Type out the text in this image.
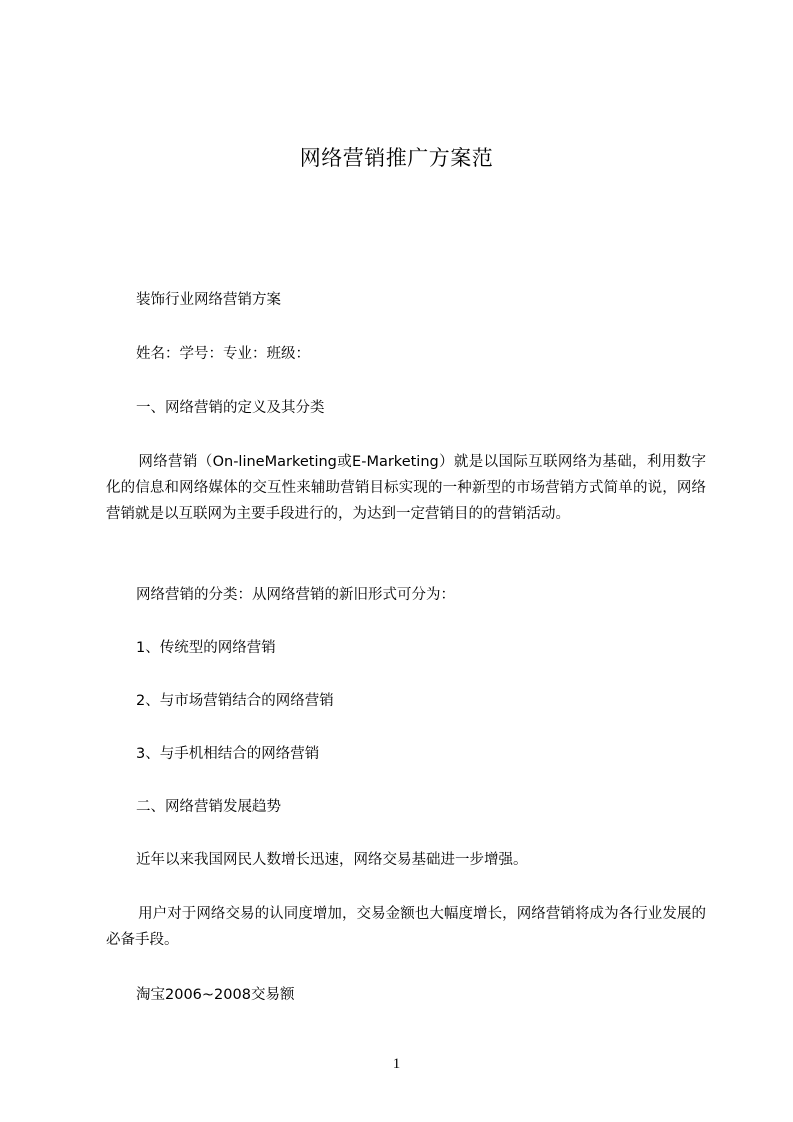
网络营销推广方案范
装饰行业网络营销方案
姓名：学号：专业：班级：
一、网络营销的定义及其分类
网络营销（On-lineMarketing或E-Marketing）就是以国际互联网络为基础，利用数字化的信息和网络媒体的交互性来辅助营销目标实现的一种新型的市场营销方式简单的说，网络营销就是以互联网为主要手段进行的，为达到一定营销目的的营销活动。
网络营销的分类：从网络营销的新旧形式可分为：
1、传统型的网络营销
2、与市场营销结合的网络营销
3、与手机相结合的网络营销
二、网络营销发展趋势
近年以来我国网民人数增长迅速，网络交易基础进一步增强。
用户对于网络交易的认同度增加，交易金额也大幅度增长，网络营销将成为各行业发展的必备手段。
淘宝2006~2008交易额
1
